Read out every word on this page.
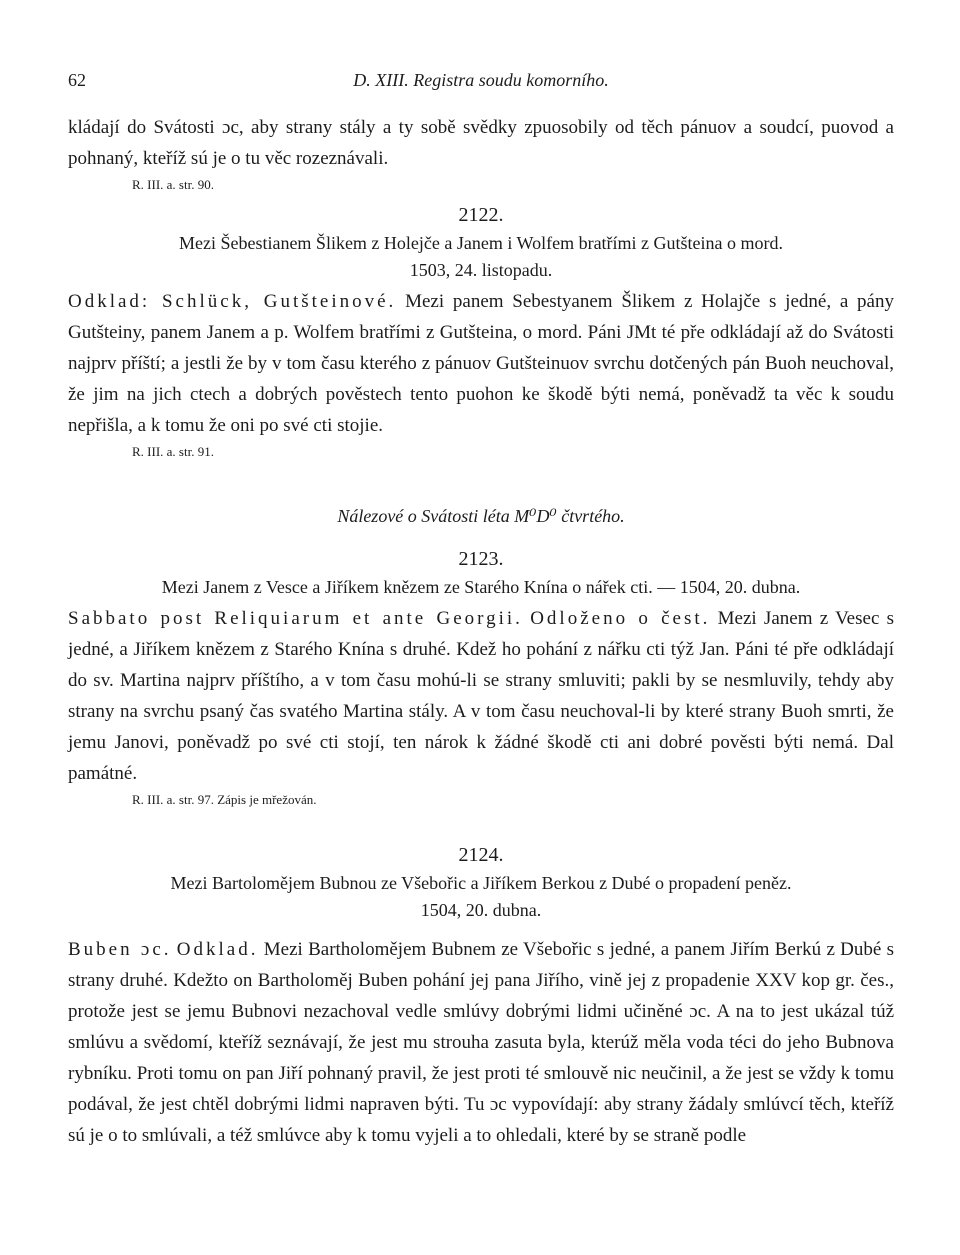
62	D. XIII. Registra soudu komorního.

kládají do Svátosti ɔc, aby strany stály a ty sobě svědky zpuosobily od těch pánuov a soudcí, puovod a pohnaný, kteříž sú je o tu věc rozeznávali.

R. III. a. str. 90.

2122.

Mezi Šebestianem Šlikem z Holejče a Janem i Wolfem bratřími z Gutšteina o mord.

1503, 24. listopadu.

Odklad: Schlück, Gutšteinové. Mezi panem Sebestyanem Šlikem z Holajče s jedné, a pány Gutšteiny, panem Janem a p. Wolfem bratřími z Gutšteina, o mord. Páni JMt té pře odkládají až do Svátosti najprv příští; a jestli že by v tom času kterého z pánuov Gutšteinuov svrchu dotčených pán Buoh neuchoval, že jim na jich ctech a dobrých pověstech tento puohon ke škodě býti nemá, poněvadž ta věc k soudu nepřišla, a k tomu že oni po své cti stojie.

R. III. a. str. 91.

Nálezové o Svátosti léta M⁰D⁰ čtvrtého.

2123.

Mezi Janem z Vesce a Jiříkem knězem ze Starého Knína o nářek cti. — 1504, 20. dubna.

Sabbato post Reliquiarum et ante Georgii. Odloženo o čest. Mezi Janem z Vesec s jedné, a Jiříkem knězem z Starého Knína s druhé. Kdež ho pohání z nářku cti týž Jan. Páni té pře odkládají do sv. Martina najprv příštího, a v tom času mohú-li se strany smluviti; pakli by se nesmluvily, tehdy aby strany na svrchu psaný čas svatého Martina stály. A v tom času neuchoval-li by které strany Buoh smrti, že jemu Janovi, poněvadž po své cti stojí, ten nárok k žádné škodě cti ani dobré pověsti býti nemá. Dal památné.

R. III. a. str. 97. Zápis je mřežován.

2124.

Mezi Bartoloměјem Bubnou ze Všebořic a Jiříkem Berkou z Dubé o propadení peněz.

1504, 20. dubna.

Buben ɔc. Odklad. Mezi Bartholoměјem Bubnem ze Všebořic s jedné, a panem Jiřím Berkú z Dubé s strany druhé. Kdežto on Bartholoměj Buben pohání jej pana Jiřího, vině jej z propadenie XXV kop gr. čes., protože jest se jemu Bubnovi nezachoval vedle smlúvy dobrými lidmi učiněné ɔc. A na to jest ukázal túž smlúvu a svědomí, kteříž seznávají, že jest mu strouha zasuta byla, kterúž měla voda téci do jeho Bubnova rybníku. Proti tomu on pan Jiří pohnaný pravil, že jest proti té smlouvě nic neučinil, a že jest se vždy k tomu podával, že jest chtěl dobrými lidmi napraven býti. Tu ɔc vypovídají: aby strany žádaly smlúvcí těch, kteříž sú je o to smlúvali, a též smlúvce aby k tomu vyjeli a to ohledali, které by se straně podle
